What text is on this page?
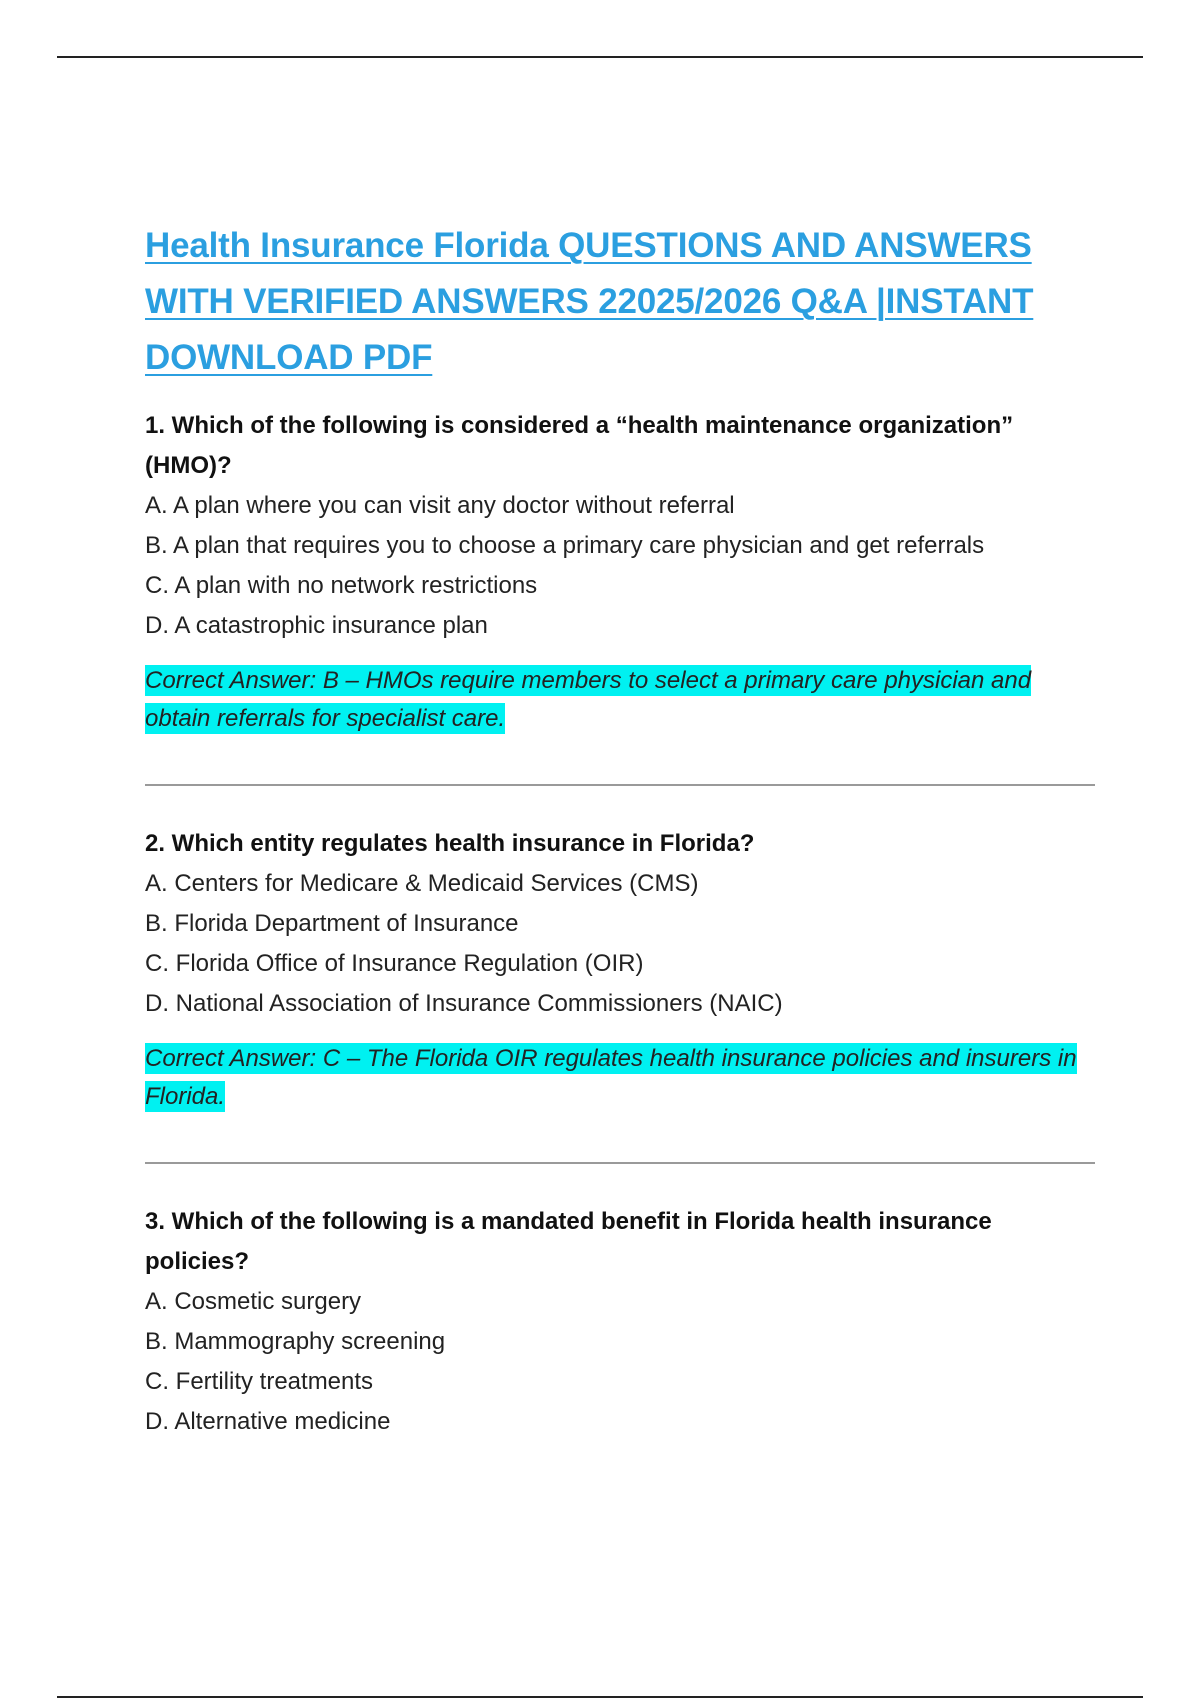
Health Insurance Florida QUESTIONS AND ANSWERS WITH VERIFIED ANSWERS 22025/2026 Q&A |INSTANT DOWNLOAD PDF

1. Which of the following is considered a “health maintenance organization” (HMO)?

A. A plan where you can visit any doctor without referral

B. A plan that requires you to choose a primary care physician and get referrals

C. A plan with no network restrictions

D. A catastrophic insurance plan

Correct Answer: B – HMOs require members to select a primary care physician and obtain referrals for specialist care.

2. Which entity regulates health insurance in Florida?

A. Centers for Medicare & Medicaid Services (CMS)

B. Florida Department of Insurance

C. Florida Office of Insurance Regulation (OIR)

D. National Association of Insurance Commissioners (NAIC)

Correct Answer: C – The Florida OIR regulates health insurance policies and insurers in Florida.

3. Which of the following is a mandated benefit in Florida health insurance policies?

A. Cosmetic surgery

B. Mammography screening

C. Fertility treatments

D. Alternative medicine
